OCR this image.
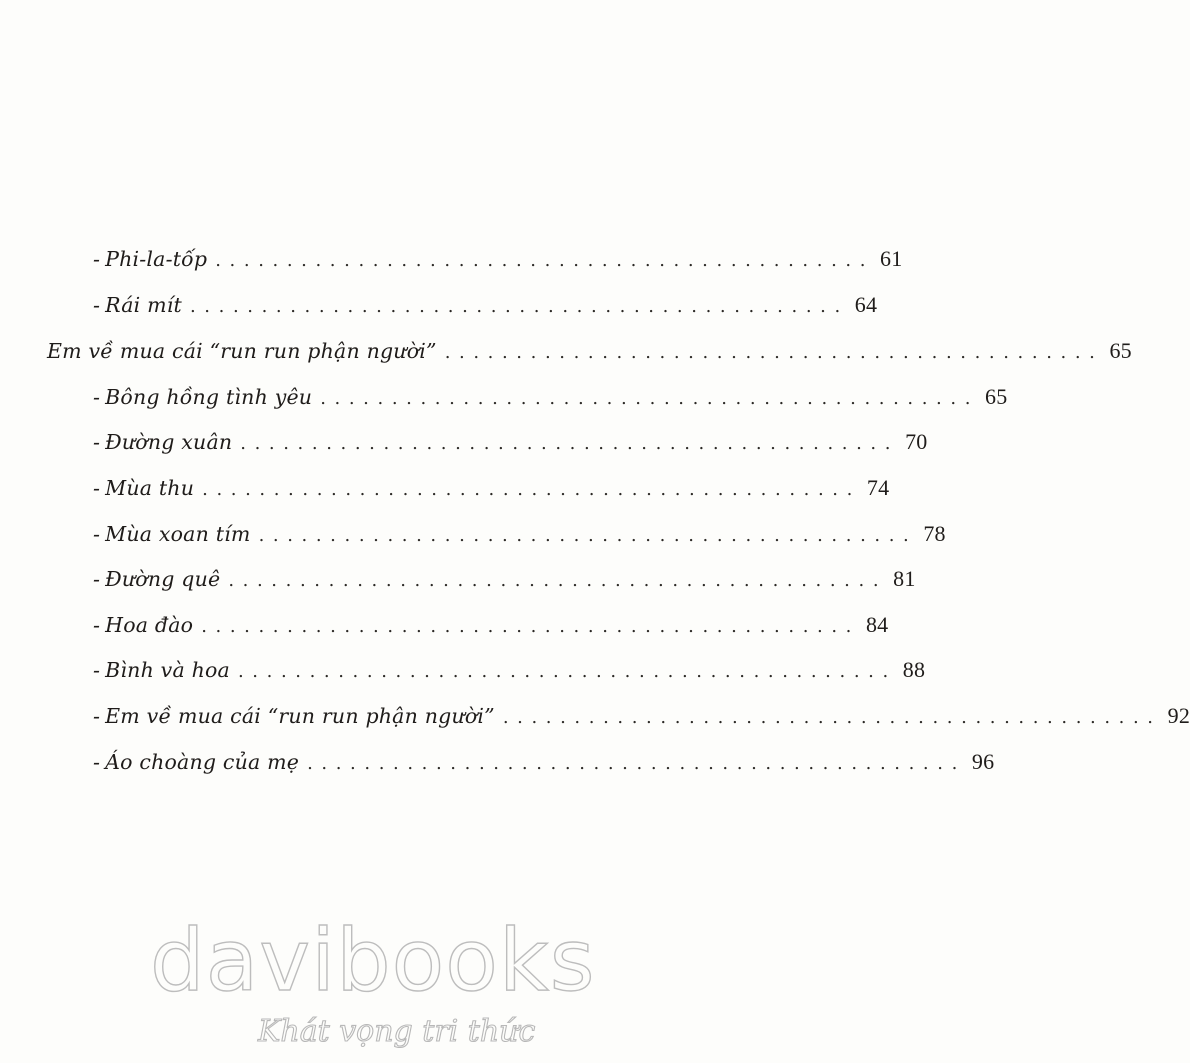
- Phi-la-tốp .............................................. 61
- Rái mít .............................................. 64
Em về mua cái “run run phận người” .............................................. 65
- Bông hồng tình yêu .............................................. 65
- Đường xuân .............................................. 70
- Mùa thu .............................................. 74
- Mùa xoan tím .............................................. 78
- Đường quê .............................................. 81
- Hoa đào .............................................. 84
- Bình và hoa .............................................. 88
- Em về mua cái “run run phận người” .............................................. 92
- Áo choàng của mẹ .............................................. 96
davibooks
Khát vọng tri thức
